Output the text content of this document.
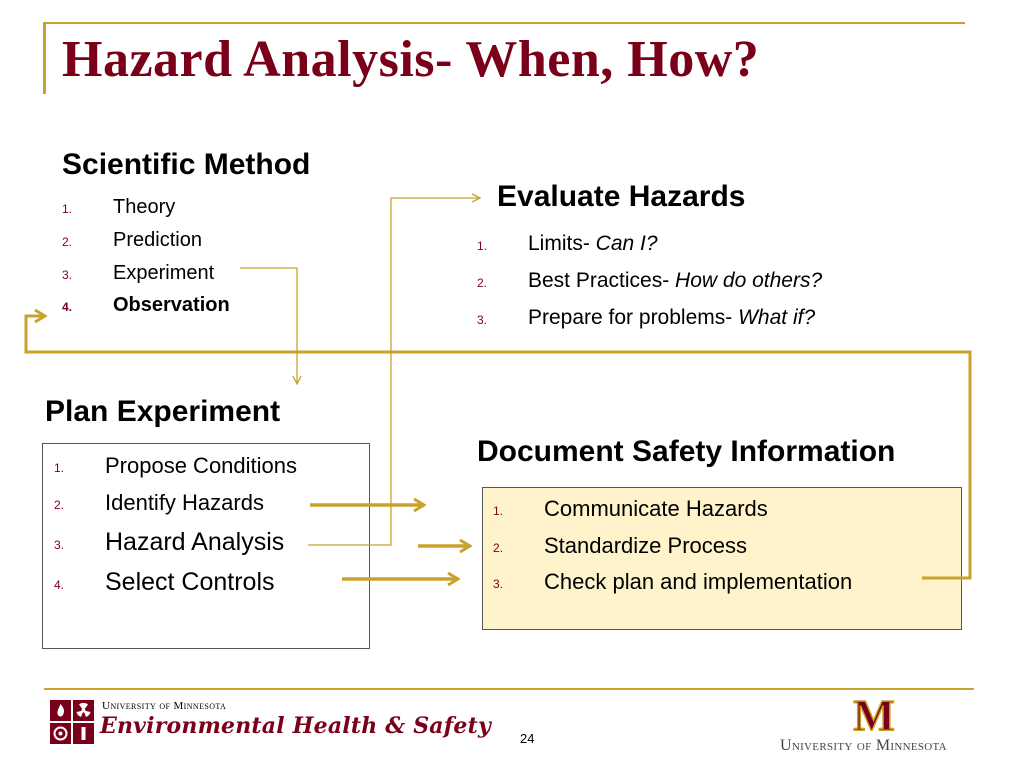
Hazard Analysis- When, How?
Scientific Method
1. Theory
2. Prediction
3. Experiment
4. Observation
Evaluate Hazards
1. Limits- Can I?
2. Best Practices- How do others?
3. Prepare for problems- What if?
Plan Experiment
1. Propose Conditions
2. Identify Hazards
3. Hazard Analysis
4. Select Controls
Document Safety Information
1. Communicate Hazards
2. Standardize Process
3. Check plan and implementation
University of Minnesota
Environmental Health & Safety 24	M
University of Minnesota
